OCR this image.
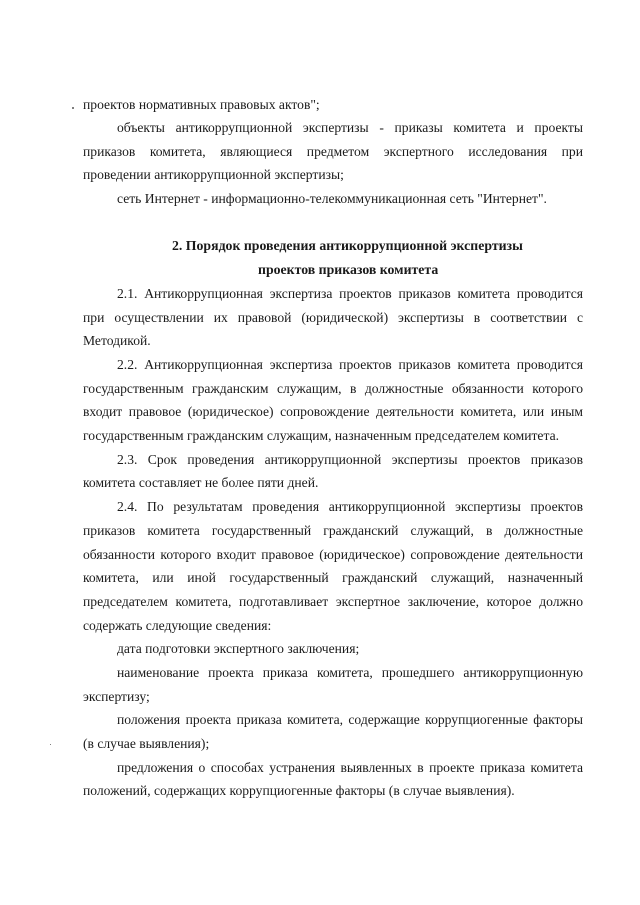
проектов нормативных правовых актов";
объекты антикоррупционной экспертизы - приказы комитета и проекты
приказов комитета, являющиеся предметом экспертного исследования при
проведении антикоррупционной экспертизы;
сеть Интернет - информационно-телекоммуникационная сеть "Интернет".
2. Порядок проведения антикоррупционной экспертизы
проектов приказов комитета
2.1. Антикоррупционная экспертиза проектов приказов комитета проводится
при осуществлении их правовой (юридической) экспертизы в соответствии с
Методикой.
2.2. Антикоррупционная экспертиза проектов приказов комитета проводится
государственным гражданским служащим, в должностные обязанности которого
входит правовое (юридическое) сопровождение деятельности комитета, или иным
государственным гражданским служащим, назначенным председателем комитета.
2.3. Срок проведения антикоррупционной экспертизы проектов приказов
комитета составляет не более пяти дней.
2.4. По результатам проведения антикоррупционной экспертизы проектов
приказов комитета государственный гражданский служащий, в должностные
обязанности которого входит правовое (юридическое) сопровождение деятельности
комитета, или иной государственный гражданский служащий, назначенный
председателем комитета, подготавливает экспертное заключение, которое должно
содержать следующие сведения:
дата подготовки экспертного заключения;
наименование проекта приказа комитета, прошедшего антикоррупционную
экспертизу;
положения проекта приказа комитета, содержащие коррупциогенные факторы
(в случае выявления);
предложения о способах устранения выявленных в проекте приказа комитета
положений, содержащих коррупциогенные факторы (в случае выявления).
